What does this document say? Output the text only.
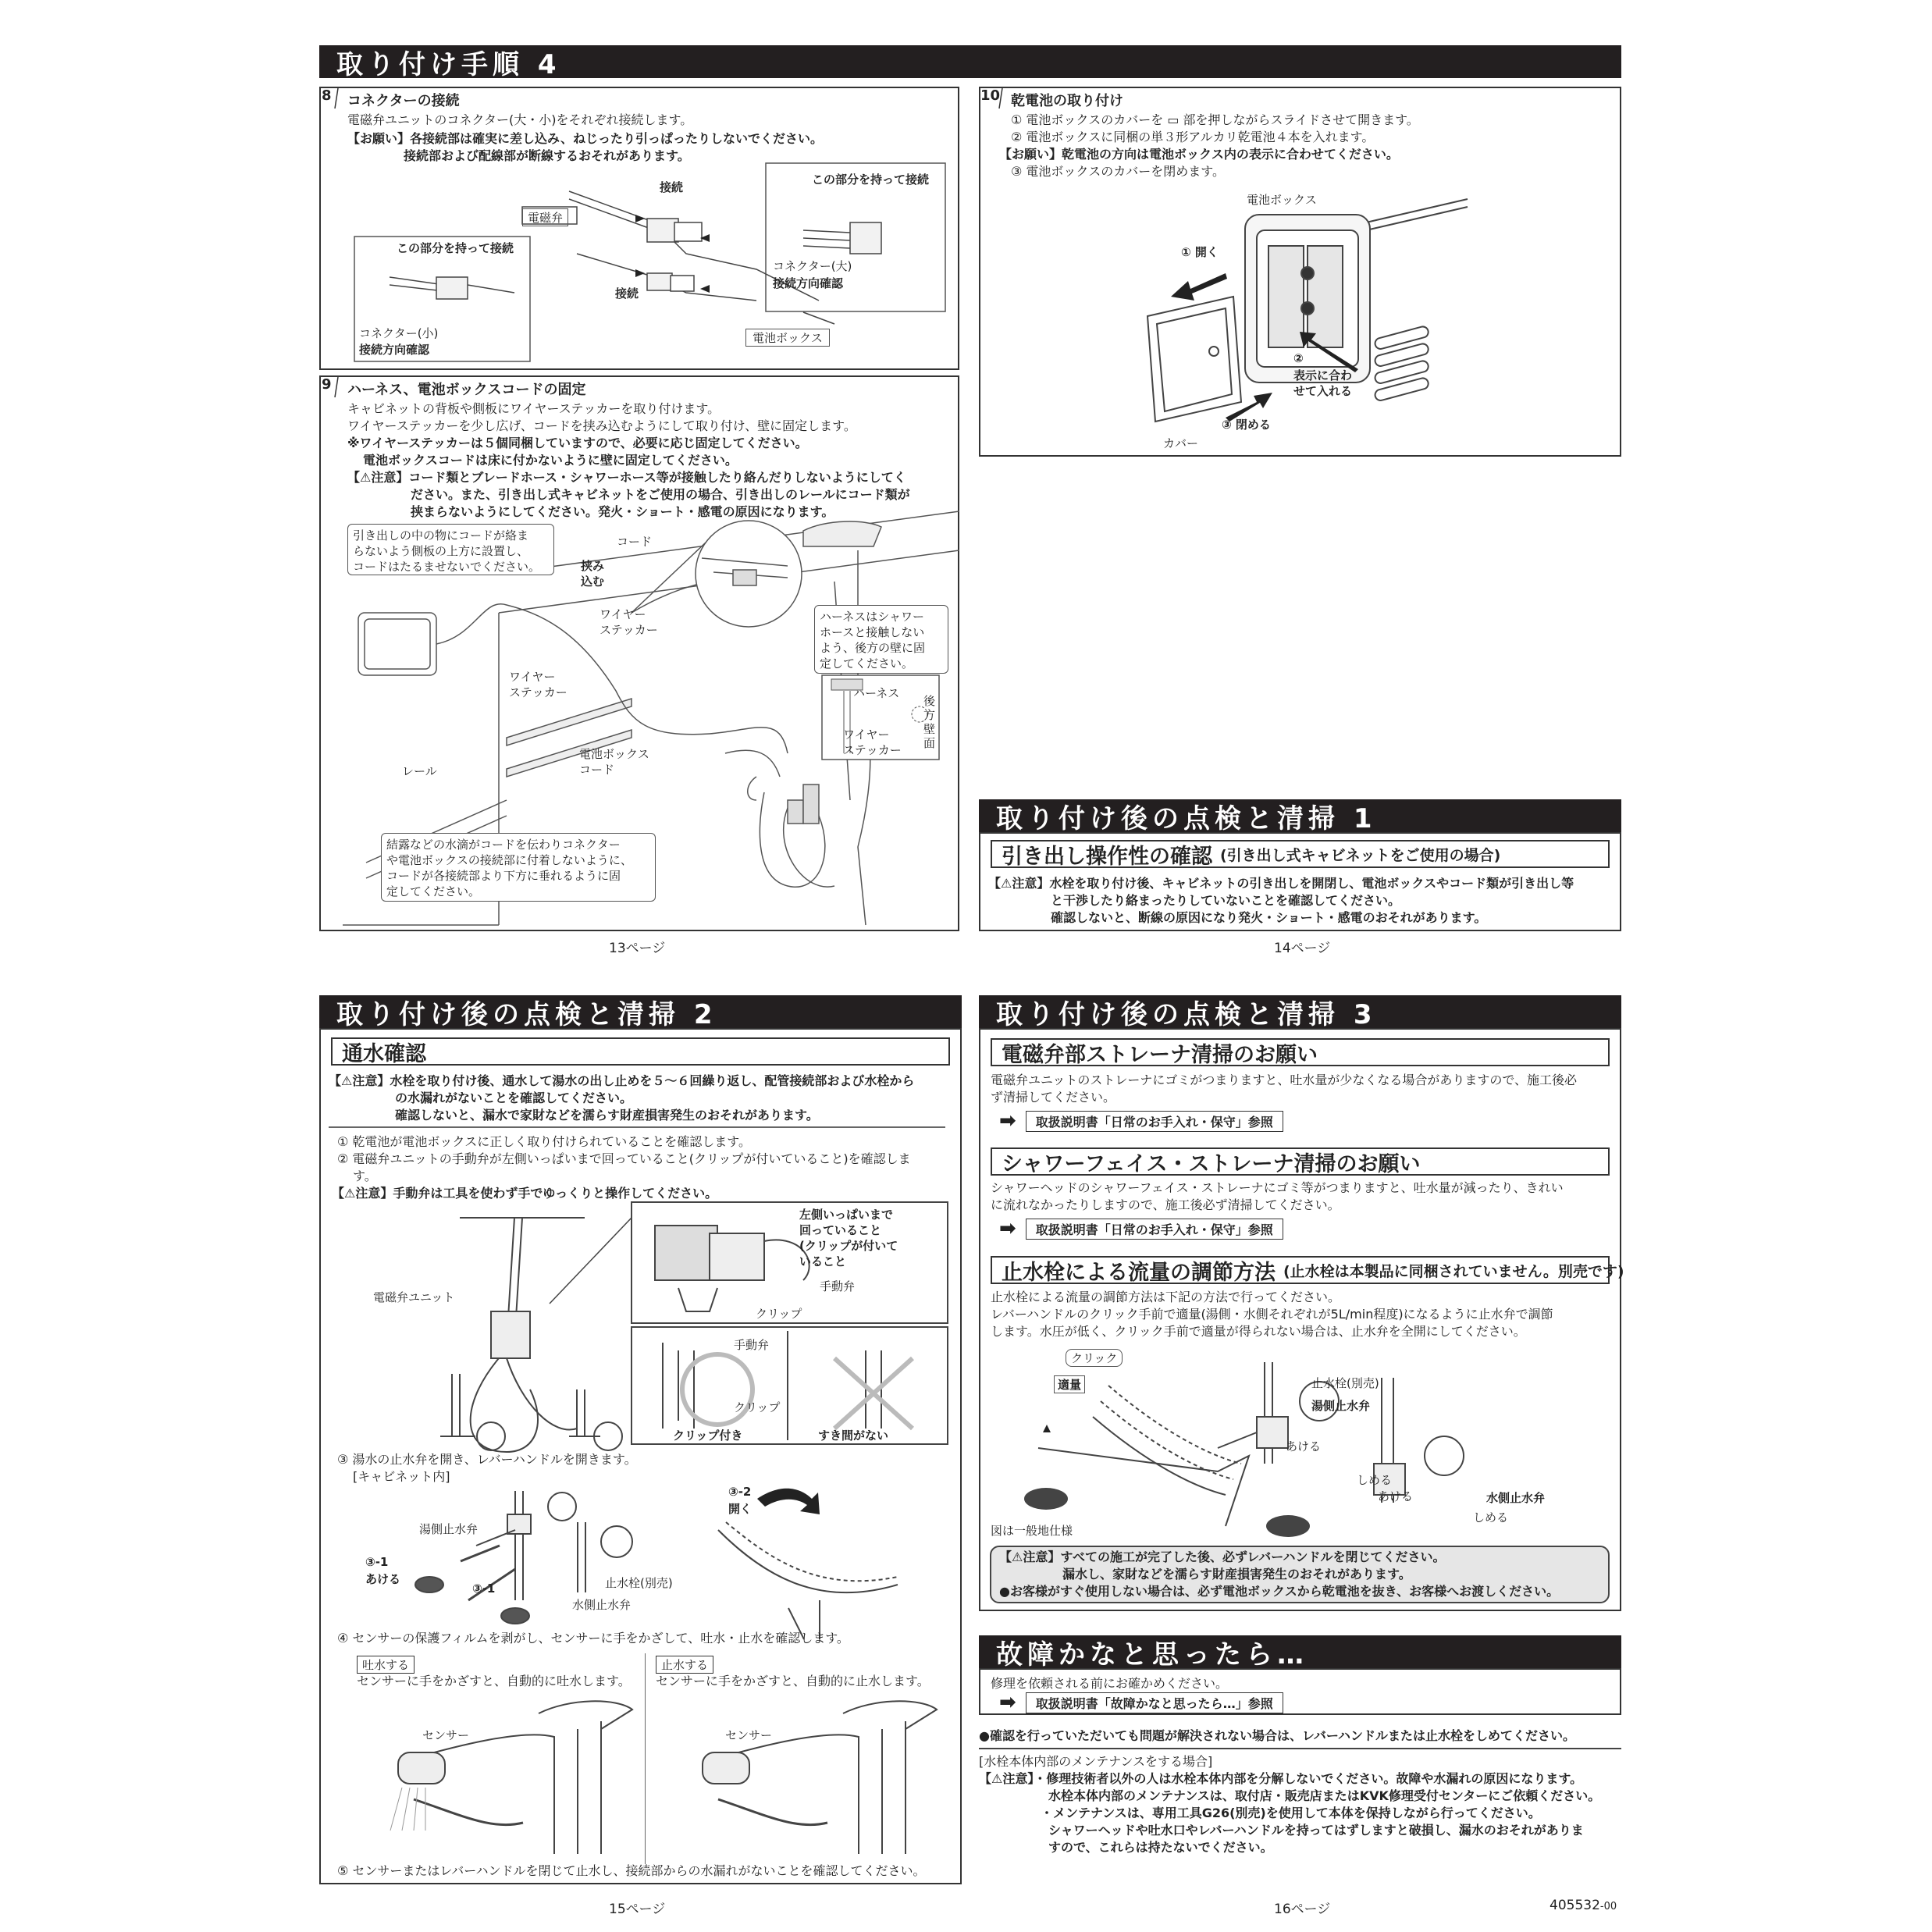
取り付け手順 4
8 コネクターの接続
電磁弁ユニットのコネクター(大・小)をそれぞれ接続します。
【お願い】各接続部は確実に差し込み、ねじったり引っぱったりしないでください。
接続部および配線部が断線するおそれがあります。
この部分を持って接続
この部分を持って接続
電磁弁
接続
接続
コネクター(小)
接続方向確認
コネクター(大)
接続方向確認
電池ボックス
9 ハーネス、電池ボックスコードの固定
キャビネットの背板や側板にワイヤーステッカーを取り付けます。
ワイヤーステッカーを少し広げ、コードを挟み込むようにして取り付け、壁に固定します。
※ワイヤーステッカーは５個同梱していますので、必要に応じ固定してください。
電池ボックスコードは床に付かないように壁に固定してください。
【⚠注意】コード類とブレードホース・シャワーホース等が接触したり絡んだりしないようにしてく
ださい。また、引き出し式キャビネットをご使用の場合、引き出しのレールにコード類が
挟まらないようにしてください。発火・ショート・感電の原因になります。
引き出しの中の物にコードが絡ま
らないよう側板の上方に設置し、
コードはたるませないでください。
コード
挟み
込む
ワイヤー
ステッカー
ワイヤー
ステッカー
ハーネスはシャワー
ホースと接触しない
よう、後方の壁に固
定してください。
ハーネス
ワイヤー
ステッカー
後
方
壁
面
電池ボックス
コード
レール
結露などの水滴がコードを伝わりコネクター
や電池ボックスの接続部に付着しないように、
コードが各接続部より下方に垂れるように固
定してください。
13ページ
10 乾電池の取り付け
① 電池ボックスのカバーを ▭ 部を押しながらスライドさせて開きます。
② 電池ボックスに同梱の単３形アルカリ乾電池４本を入れます。
【お願い】乾電池の方向は電池ボックス内の表示に合わせてください。
③ 電池ボックスのカバーを閉めます。
電池ボックス
① 開く
②
表示に合わ
せて入れる
③ 閉める
カバー
取り付け後の点検と清掃 1
引き出し操作性の確認 (引き出し式キャビネットをご使用の場合)
【⚠注意】水栓を取り付け後、キャビネットの引き出しを開閉し、電池ボックスやコード類が引き出し等
と干渉したり絡まったりしていないことを確認してください。
確認しないと、断線の原因になり発火・ショート・感電のおそれがあります。
14ページ
取り付け後の点検と清掃 2
通水確認
【⚠注意】水栓を取り付け後、通水して湯水の出し止めを５～６回繰り返し、配管接続部および水栓から
の水漏れがないことを確認してください。
確認しないと、漏水で家財などを濡らす財産損害発生のおそれがあります。
① 乾電池が電池ボックスに正しく取り付けられていることを確認します。
② 電磁弁ユニットの手動弁が左側いっぱいまで回っていること(クリップが付いていること)を確認しま
す。
【⚠注意】手動弁は工具を使わず手でゆっくりと操作してください。
電磁弁ユニット
左側いっぱいまで
回っていること
(クリップが付いて
いること
手動弁
クリップ
手動弁
クリップ
クリップ付き	すき間がない
③ 湯水の止水弁を開き、レバーハンドルを開きます。
[キャビネット内]
湯側止水弁
③-1
あける
③-1	止水栓(別売)
水側止水弁
③-2
開く
④ センサーの保護フィルムを剥がし、センサーに手をかざして、吐水・止水を確認します。
吐水する
センサーに手をかざすと、自動的に吐水します。
止水する
センサーに手をかざすと、自動的に止水します。
センサー	センサー
⑤ センサーまたはレバーハンドルを閉じて止水し、接続部からの水漏れがないことを確認してください。
15ページ
取り付け後の点検と清掃 3
電磁弁部ストレーナ清掃のお願い
電磁弁ユニットのストレーナにゴミがつまりますと、吐水量が少なくなる場合がありますので、施工後必
ず清掃してください。
➡	取扱説明書「日常のお手入れ・保守」参照
シャワーフェイス・ストレーナ清掃のお願い
シャワーヘッドのシャワーフェイス・ストレーナにゴミ等がつまりますと、吐水量が減ったり、きれい
に流れなかったりしますので、施工後必ず清掃してください。
➡	取扱説明書「日常のお手入れ・保守」参照
止水栓による流量の調節方法 (止水栓は本製品に同梱されていません。別売です)
止水栓による流量の調節方法は下記の方法で行ってください。
レバーハンドルのクリック手前で適量(湯側・水側それぞれが5L/min程度)になるように止水弁で調節
します。水圧が低く、クリック手前で適量が得られない場合は、止水弁を全開にしてください。
クリック
適量	止水栓(別売)
湯側止水弁
あける
しめる
あける	水側止水弁
しめる
図は一般地仕様
【⚠注意】すべての施工が完了した後、必ずレバーハンドルを閉じてください。
漏水し、家財などを濡らす財産損害発生のおそれがあります。
●お客様がすぐ使用しない場合は、必ず電池ボックスから乾電池を抜き、お客様へお渡しください。
故障かなと思ったら…
修理を依頼される前にお確かめください。
➡	取扱説明書「故障かなと思ったら…」参照
●確認を行っていただいても問題が解決されない場合は、レバーハンドルまたは止水栓をしめてください。
[水栓本体内部のメンテナンスをする場合]
【⚠注意】・修理技術者以外の人は水栓本体内部を分解しないでください。故障や水漏れの原因になります。
水栓本体内部のメンテナンスは、取付店・販売店またはKVK修理受付センターにご依頼ください。
・メンテナンスは、専用工具G26(別売)を使用して本体を保持しながら行ってください。
シャワーヘッドや吐水口やレバーハンドルを持ってはずしますと破損し、漏水のおそれがありま
すので、これらは持たないでください。
16ページ	405532-00
